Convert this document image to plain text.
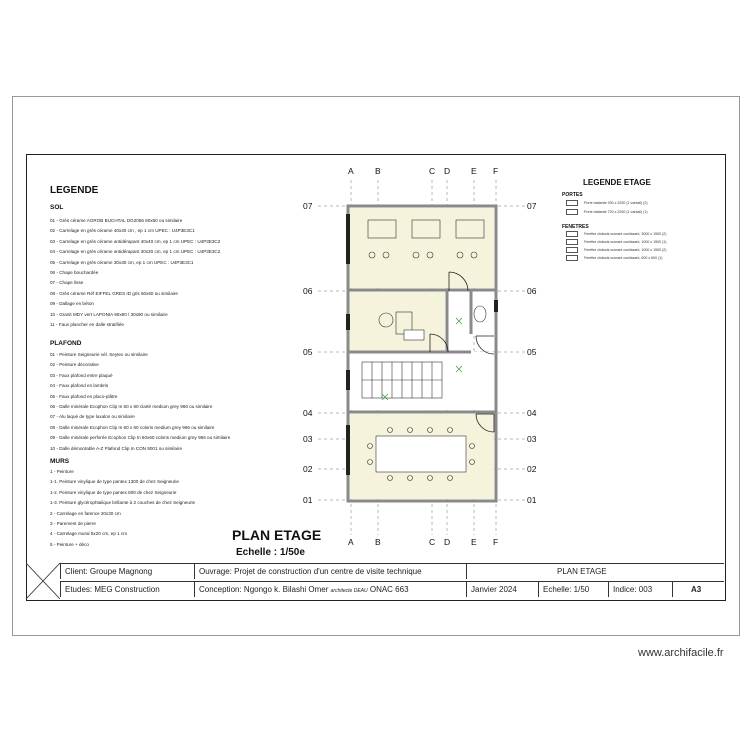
LEGENDE
SOL
01 - Grès cérame AGROB BUCHTAL DG2056 60x60 ou similaire
02 - Carrelage en grès cérame 40x40 cm , ep 1 cm UPEC : U4P3E3C1
03 - Carrelage en grès cérame antidérapant 40x40 cm, ep 1 cm UPEC : U4P3E3C2
04 - Carrelage en grès cérame antidérapant 30x30 cm, ep 1 cm UPEC : U4P3E3C2
05 - Carrelage en grès cérame 30x30 cm, ep 1 cm UPEC : U4P3E3C1
06 - Chape bouchardée
07 - Chape lisse
08 - Grès cérame Réf EIFFEL GRES ID gris 60x60 ou similaire
09 - Dallage en béton
10 - Granit MDY vert LAPONIA 90x90 / 30x90 ou similaire
11 - Faux plancher en dalle stratifiée
PLAFOND
01 - Peinture Seigneurie vél. Seytex ou similaire
02 - Peinture décorative
03 - Faux plafond entre plaqué
04 - Faux plafond en lambris
05 - Faux plafond en placo-plâtre
06 - Dalle minérale Ecophon Clip In 60 x 60 clarté medium grey 966 ou similaire
07 - Alu laqué de type luxalon ou similaire
08 - Dalle minérale Ecophon Clip In 60 x 60 coloris medium grey 966 ou similaire
09 - Dalle minérale perforée Ecophon Clip In 60x60 coloris medium grey 966 ou similaire
10 - Dalle démontable A-Z Plafond Clip In CON 9001 ou similaire
MURS
1 - Peinture
1-1. Peinture vinylique de type pantex 1300 de chez Seigneurie
1-2. Peinture vinylique de type pantex 800 de chez Seigneurie
1-3. Peinture glycérophtalique brillante à 2 couches de chez Seigneurie
2 - Carrelage en faïence 20x30 cm
3 - Parement de pierre
4 - Carrelage mural 5x20 cm, ep 1 cm
5 - Peinture + déco
LEGENDE ETAGE
PORTES
Porte battante 930 x 2200 (1 vantail) (2)
Porte battante 720 x 2200 (1 vantail) (1)
FENETRES
Fenêtre châssis ouvrant coulissant, 3000 x 1500 (2)
Fenêtre châssis ouvrant coulissant, 1000 x 1500 (1)
Fenêtre châssis ouvrant coulissant, 1000 x 1500 (2)
Fenêtre châssis ouvrant coulissant, 600 x 600 (1)
A
A
B
B
C
C
D
D
E
E
F
F
07	07
06	06
05	05
04	04
03	03
02	02
01	01
PLAN ETAGE
Echelle : 1/50e
Client: Groupe Magnong	Ouvrage: Projet de construction d'un centre de visite technique	PLAN ETAGE
Etudes: MEG Construction	Conception: Ngongo k. Bilashi Omer architecte DEAU ONAC 663	Janvier 2024	Echelle: 1/50	Indice: 003	A3
www.archifacile.fr
